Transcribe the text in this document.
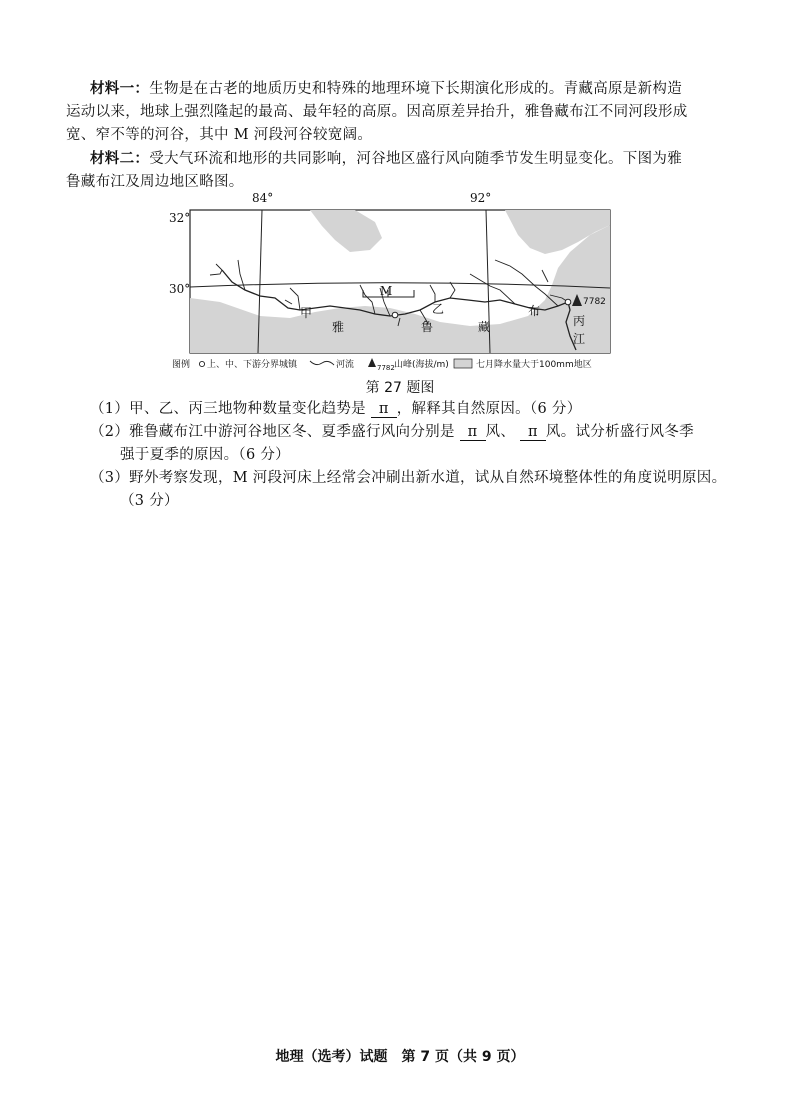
材料一：生物是在古老的地质历史和特殊的地理环境下长期演化形成的。青藏高原是新构造
运动以来，地球上强烈隆起的最高、最年轻的高原。因高原差异抬升，雅鲁藏布江不同河段形成
宽、窄不等的河谷，其中 M 河段河谷较宽阔。
材料二：受大气环流和地形的共同影响，河谷地区盛行风向随季节发生明显变化。下图为雅
鲁藏布江及周边地区略图。
84°	92°
32°
30°	M
7782
甲	乙
丙
雅	鲁	藏
布
江
图例 上、中、下游分界城镇	河流	7782 山峰(海拔/m)	七月降水量大于100mm地区
第 27 题图
（1）甲、乙、丙三地物种数量变化趋势是 π ，解释其自然原因。（6 分）
（2）雅鲁藏布江中游河谷地区冬、夏季盛行风向分别是 π 风、 π 风。试分析盛行风冬季
强于夏季的原因。（6 分）
（3）野外考察发现，M 河段河床上经常会冲刷出新水道，试从自然环境整体性的角度说明原因。
（3 分）
地理（选考）试题　第 7 页（共 9 页）
